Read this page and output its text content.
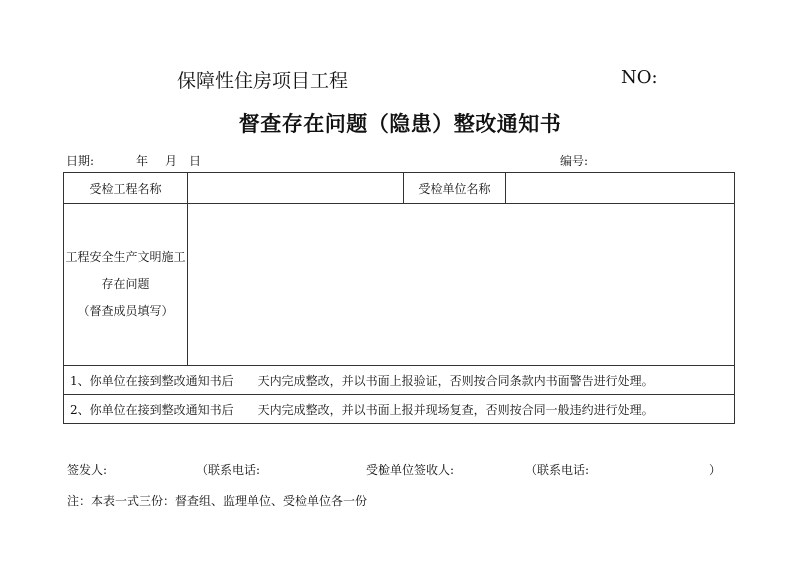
保障性住房项目工程	NO:
督查存在问题（隐患）整改通知书
日期:	年 月 日	编号:
受检工程名称	受检单位名称
工程安全生产文明施工
存在问题
（督查成员填写）
1、你单位在接到整改通知书后　　天内完成整改，并以书面上报验证，否则按合同条款内书面警告进行处理。
2、你单位在接到整改通知书后　　天内完成整改，并以书面上报并现场复查，否则按合同一般违约进行处理。
签发人:	（联系电话:　　　　　　　　　　）
受检单位签收人:	（联系电话:　　　　　　　　　　）
注：本表一式三份：督查组、监理单位、受检单位各一份
